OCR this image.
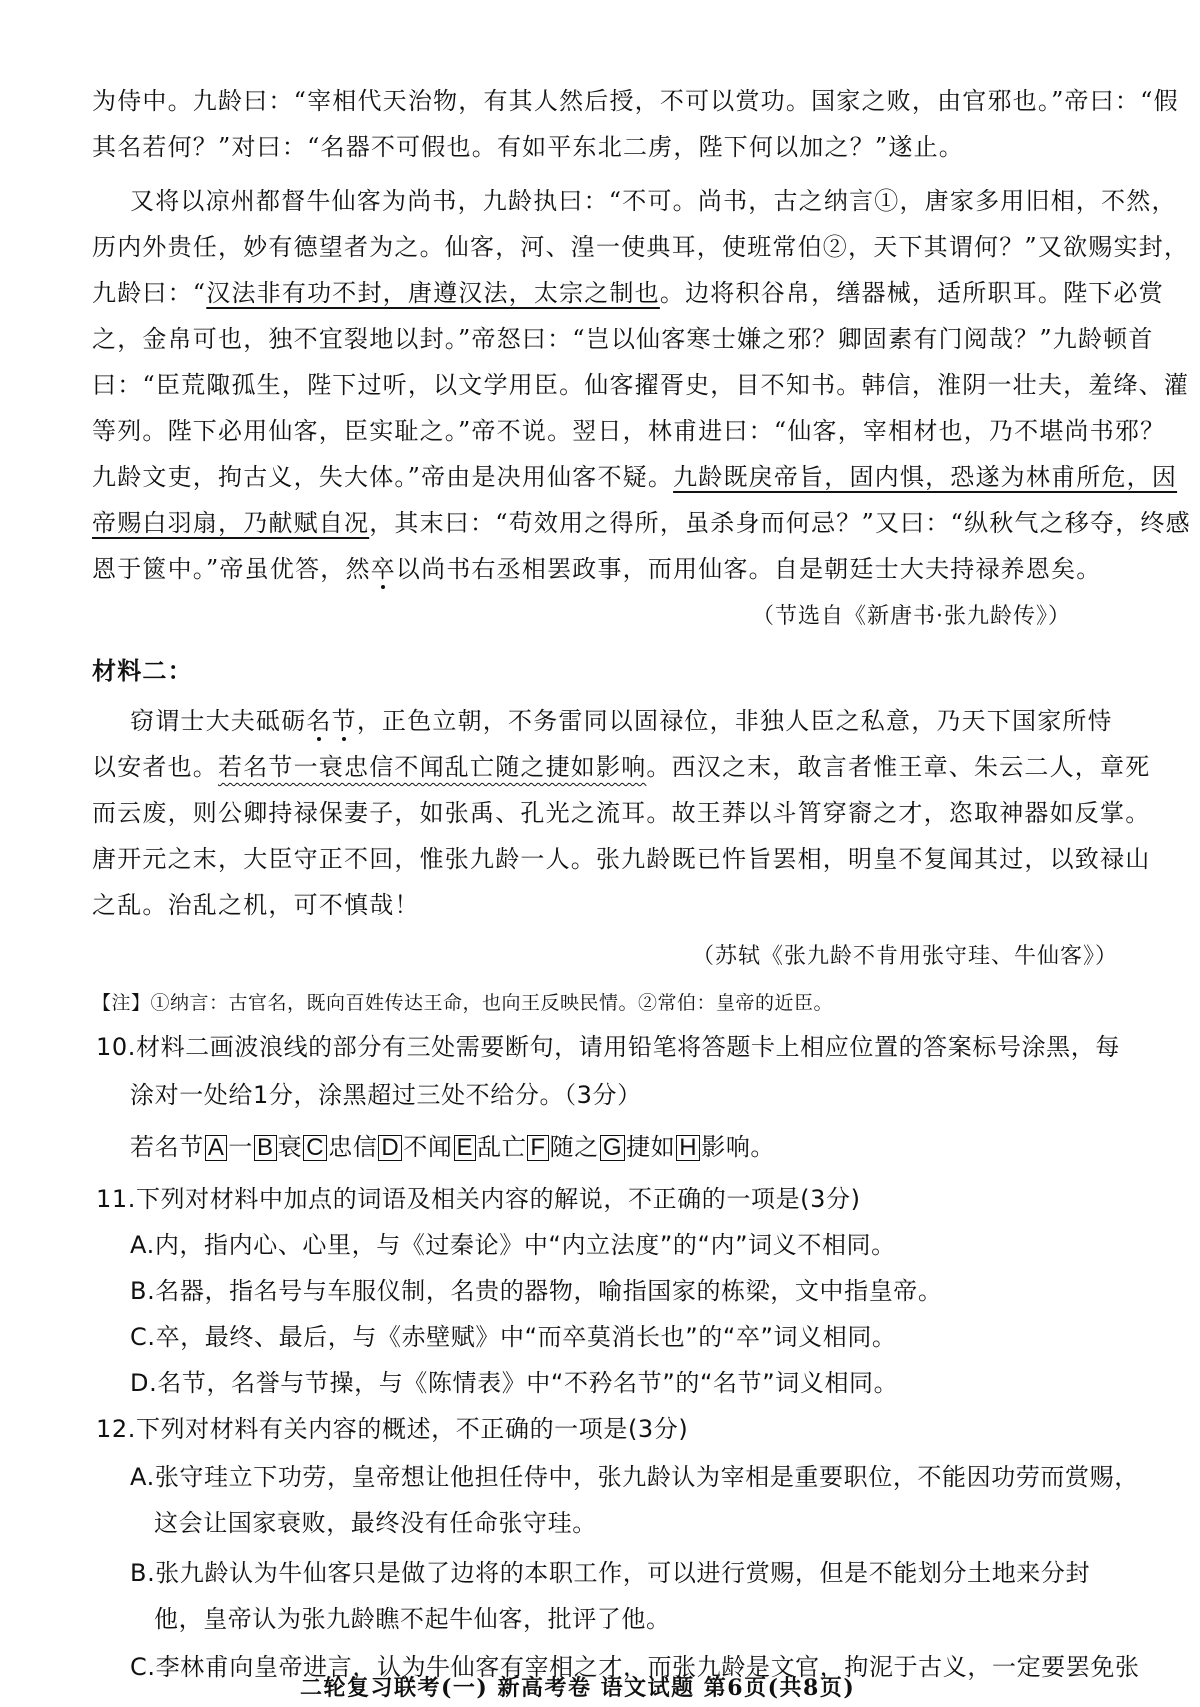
为侍中。九龄曰：“宰相代天治物，有其人然后授，不可以赏功。国家之败，由官邪也。”帝曰：“假
其名若何？”对曰：“名器不可假也。有如平东北二虏，陛下何以加之？”遂止。
又将以凉州都督牛仙客为尚书，九龄执曰：“不可。尚书，古之纳言①，唐家多用旧相，不然，
历内外贵任，妙有德望者为之。仙客，河、湟一使典耳，使班常伯②，天下其谓何？”又欲赐实封，
九龄曰：“汉法非有功不封，唐遵汉法，太宗之制也。边将积谷帛，缮器械，适所职耳。陛下必赏
之，金帛可也，独不宜裂地以封。”帝怒曰：“岂以仙客寒士嫌之邪？卿固素有门阅哉？”九龄顿首
曰：“臣荒陬孤生，陛下过听，以文学用臣。仙客擢胥史，目不知书。韩信，淮阴一壮夫，羞绛、灌
等列。陛下必用仙客，臣实耻之。”帝不说。翌日，林甫进曰：“仙客，宰相材也，乃不堪尚书邪？
九龄文吏，拘古义，失大体。”帝由是决用仙客不疑。九龄既戾帝旨，固内惧，恐遂为林甫所危，因
帝赐白羽扇，乃献赋自况，其末曰：“苟效用之得所，虽杀身而何忌？”又曰：“纵秋气之移夺，终感
恩于篋中。”帝虽优答，然卒以尚书右丞相罢政事，而用仙客。自是朝廷士大夫持禄养恩矣。
（节选自《新唐书·张九龄传》）
材料二：
窃谓士大夫砥砺名节，正色立朝，不务雷同以固禄位，非独人臣之私意，乃天下国家所恃
以安者也。若名节一衰忠信不闻乱亡随之捷如影响。西汉之末，敢言者惟王章、朱云二人，章死
而云废，则公卿持禄保妻子，如张禹、孔光之流耳。故王莽以斗筲穿窬之才，恣取神器如反掌。
唐开元之末，大臣守正不回，惟张九龄一人。张九龄既已忤旨罢相，明皇不复闻其过，以致禄山
之乱。治乱之机，可不慎哉！
（苏轼《张九龄不肯用张守珪、牛仙客》）
【注】①纳言：古官名，既向百姓传达王命，也向王反映民情。②常伯：皇帝的近臣。
10.材料二画波浪线的部分有三处需要断句，请用铅笔将答题卡上相应位置的答案标号涂黑，每
涂对一处给1分，涂黑超过三处不给分。（3分）
若名节 A 一 B 衰 C 忠信 D 不闻 E 乱亡 F 随之 G 捷如 H 影响。
11.下列对材料中加点的词语及相关内容的解说，不正确的一项是(3分)
A.内，指内心、心里，与《过秦论》中“内立法度”的“内”词义不相同。
B.名器，指名号与车服仪制，名贵的器物，喻指国家的栋梁，文中指皇帝。
C.卒，最终、最后，与《赤壁赋》中“而卒莫消长也”的“卒”词义相同。
D.名节，名誉与节操，与《陈情表》中“不矜名节”的“名节”词义相同。
12.下列对材料有关内容的概述，不正确的一项是(3分)
A.张守珪立下功劳，皇帝想让他担任侍中，张九龄认为宰相是重要职位，不能因功劳而赏赐，
这会让国家衰败，最终没有任命张守珪。
B.张九龄认为牛仙客只是做了边将的本职工作，可以进行赏赐，但是不能划分土地来分封
他，皇帝认为张九龄瞧不起牛仙客，批评了他。
C.李林甫向皇帝进言，认为牛仙客有宰相之才，而张九龄是文官，拘泥于古义，一定要罢免张
二轮复习联考(一) 新高考卷 语文试题 第6页(共8页)
